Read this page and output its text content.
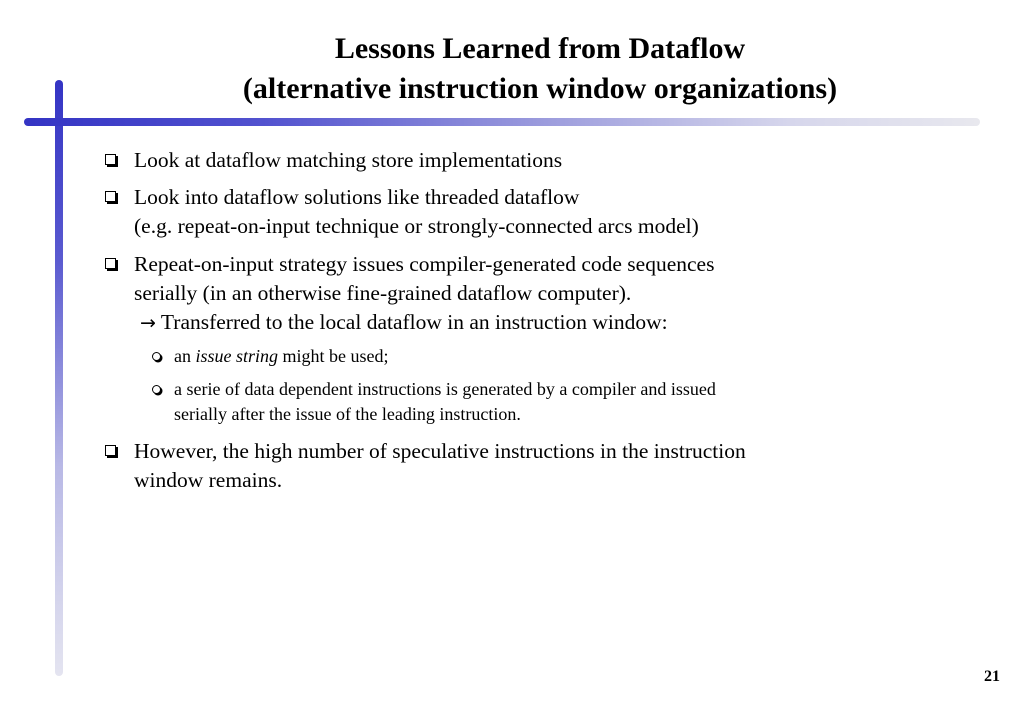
Lessons Learned from Dataflow
(alternative instruction window organizations)
Look at dataflow matching store implementations
Look into dataflow solutions like threaded dataflow
(e.g. repeat-on-input technique or strongly-connected arcs model)
Repeat-on-input strategy issues compiler-generated code sequences
serially (in an otherwise fine-grained dataflow computer).
→ Transferred to the local dataflow in an instruction window:
an issue string might be used;
a serie of data dependent instructions is generated by a compiler and issued
serially after the issue of the leading instruction.
However, the high number of speculative instructions in the instruction
window remains.
21
